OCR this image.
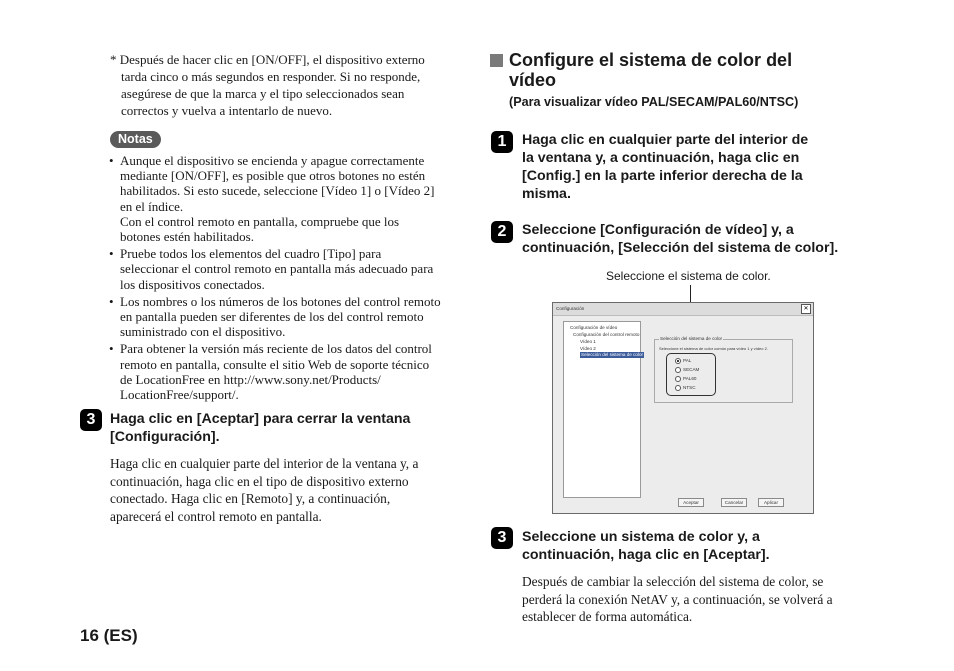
* Después de hacer clic en [ON/OFF], el dispositivo externo
tarda cinco o más segundos en responder. Si no responde,
asegúrese de que la marca y el tipo seleccionados sean
correctos y vuelva a intentarlo de nuevo.
Notas
• Aunque el dispositivo se encienda y apague correctamente
mediante [ON/OFF], es posible que otros botones no estén
habilitados. Si esto sucede, seleccione [Vídeo 1] o [Vídeo 2]
en el índice.
Con el control remoto en pantalla, compruebe que los
botones estén habilitados.
• Pruebe todos los elementos del cuadro [Tipo] para
seleccionar el control remoto en pantalla más adecuado para
los dispositivos conectados.
• Los nombres o los números de los botones del control remoto
en pantalla pueden ser diferentes de los del control remoto
suministrado con el dispositivo.
• Para obtener la versión más reciente de los datos del control
remoto en pantalla, consulte el sitio Web de soporte técnico
de LocationFree en http://www.sony.net/Products/
LocationFree/support/.
3	Haga clic en [Aceptar] para cerrar la ventana
[Configuración].
Haga clic en cualquier parte del interior de la ventana y, a
continuación, haga clic en el tipo de dispositivo externo
conectado. Haga clic en [Remoto] y, a continuación,
aparecerá el control remoto en pantalla.
16 (ES)
Configure el sistema de color del
vídeo
(Para visualizar vídeo PAL/SECAM/PAL60/NTSC)
1	Haga clic en cualquier parte del interior de
la ventana y, a continuación, haga clic en
[Config.] en la parte inferior derecha de la
misma.
2	Seleccione [Configuración de vídeo] y, a
continuación, [Selección del sistema de color].
Seleccione el sistema de color.
Configuración	✕
Configuración de vídeo
Configuración del control remoto
Vídeo 1
Vídeo 2
Selección del sistema de color
Selección del sistema de color
Seleccione el sistema de color común para vídeo 1 y vídeo 2.
PAL
SECAM
PAL60
NTSC
Aceptar	Cancelar	Aplicar
3	Seleccione un sistema de color y, a
continuación, haga clic en [Aceptar].
Después de cambiar la selección del sistema de color, se
perderá la conexión NetAV y, a continuación, se volverá a
establecer de forma automática.
